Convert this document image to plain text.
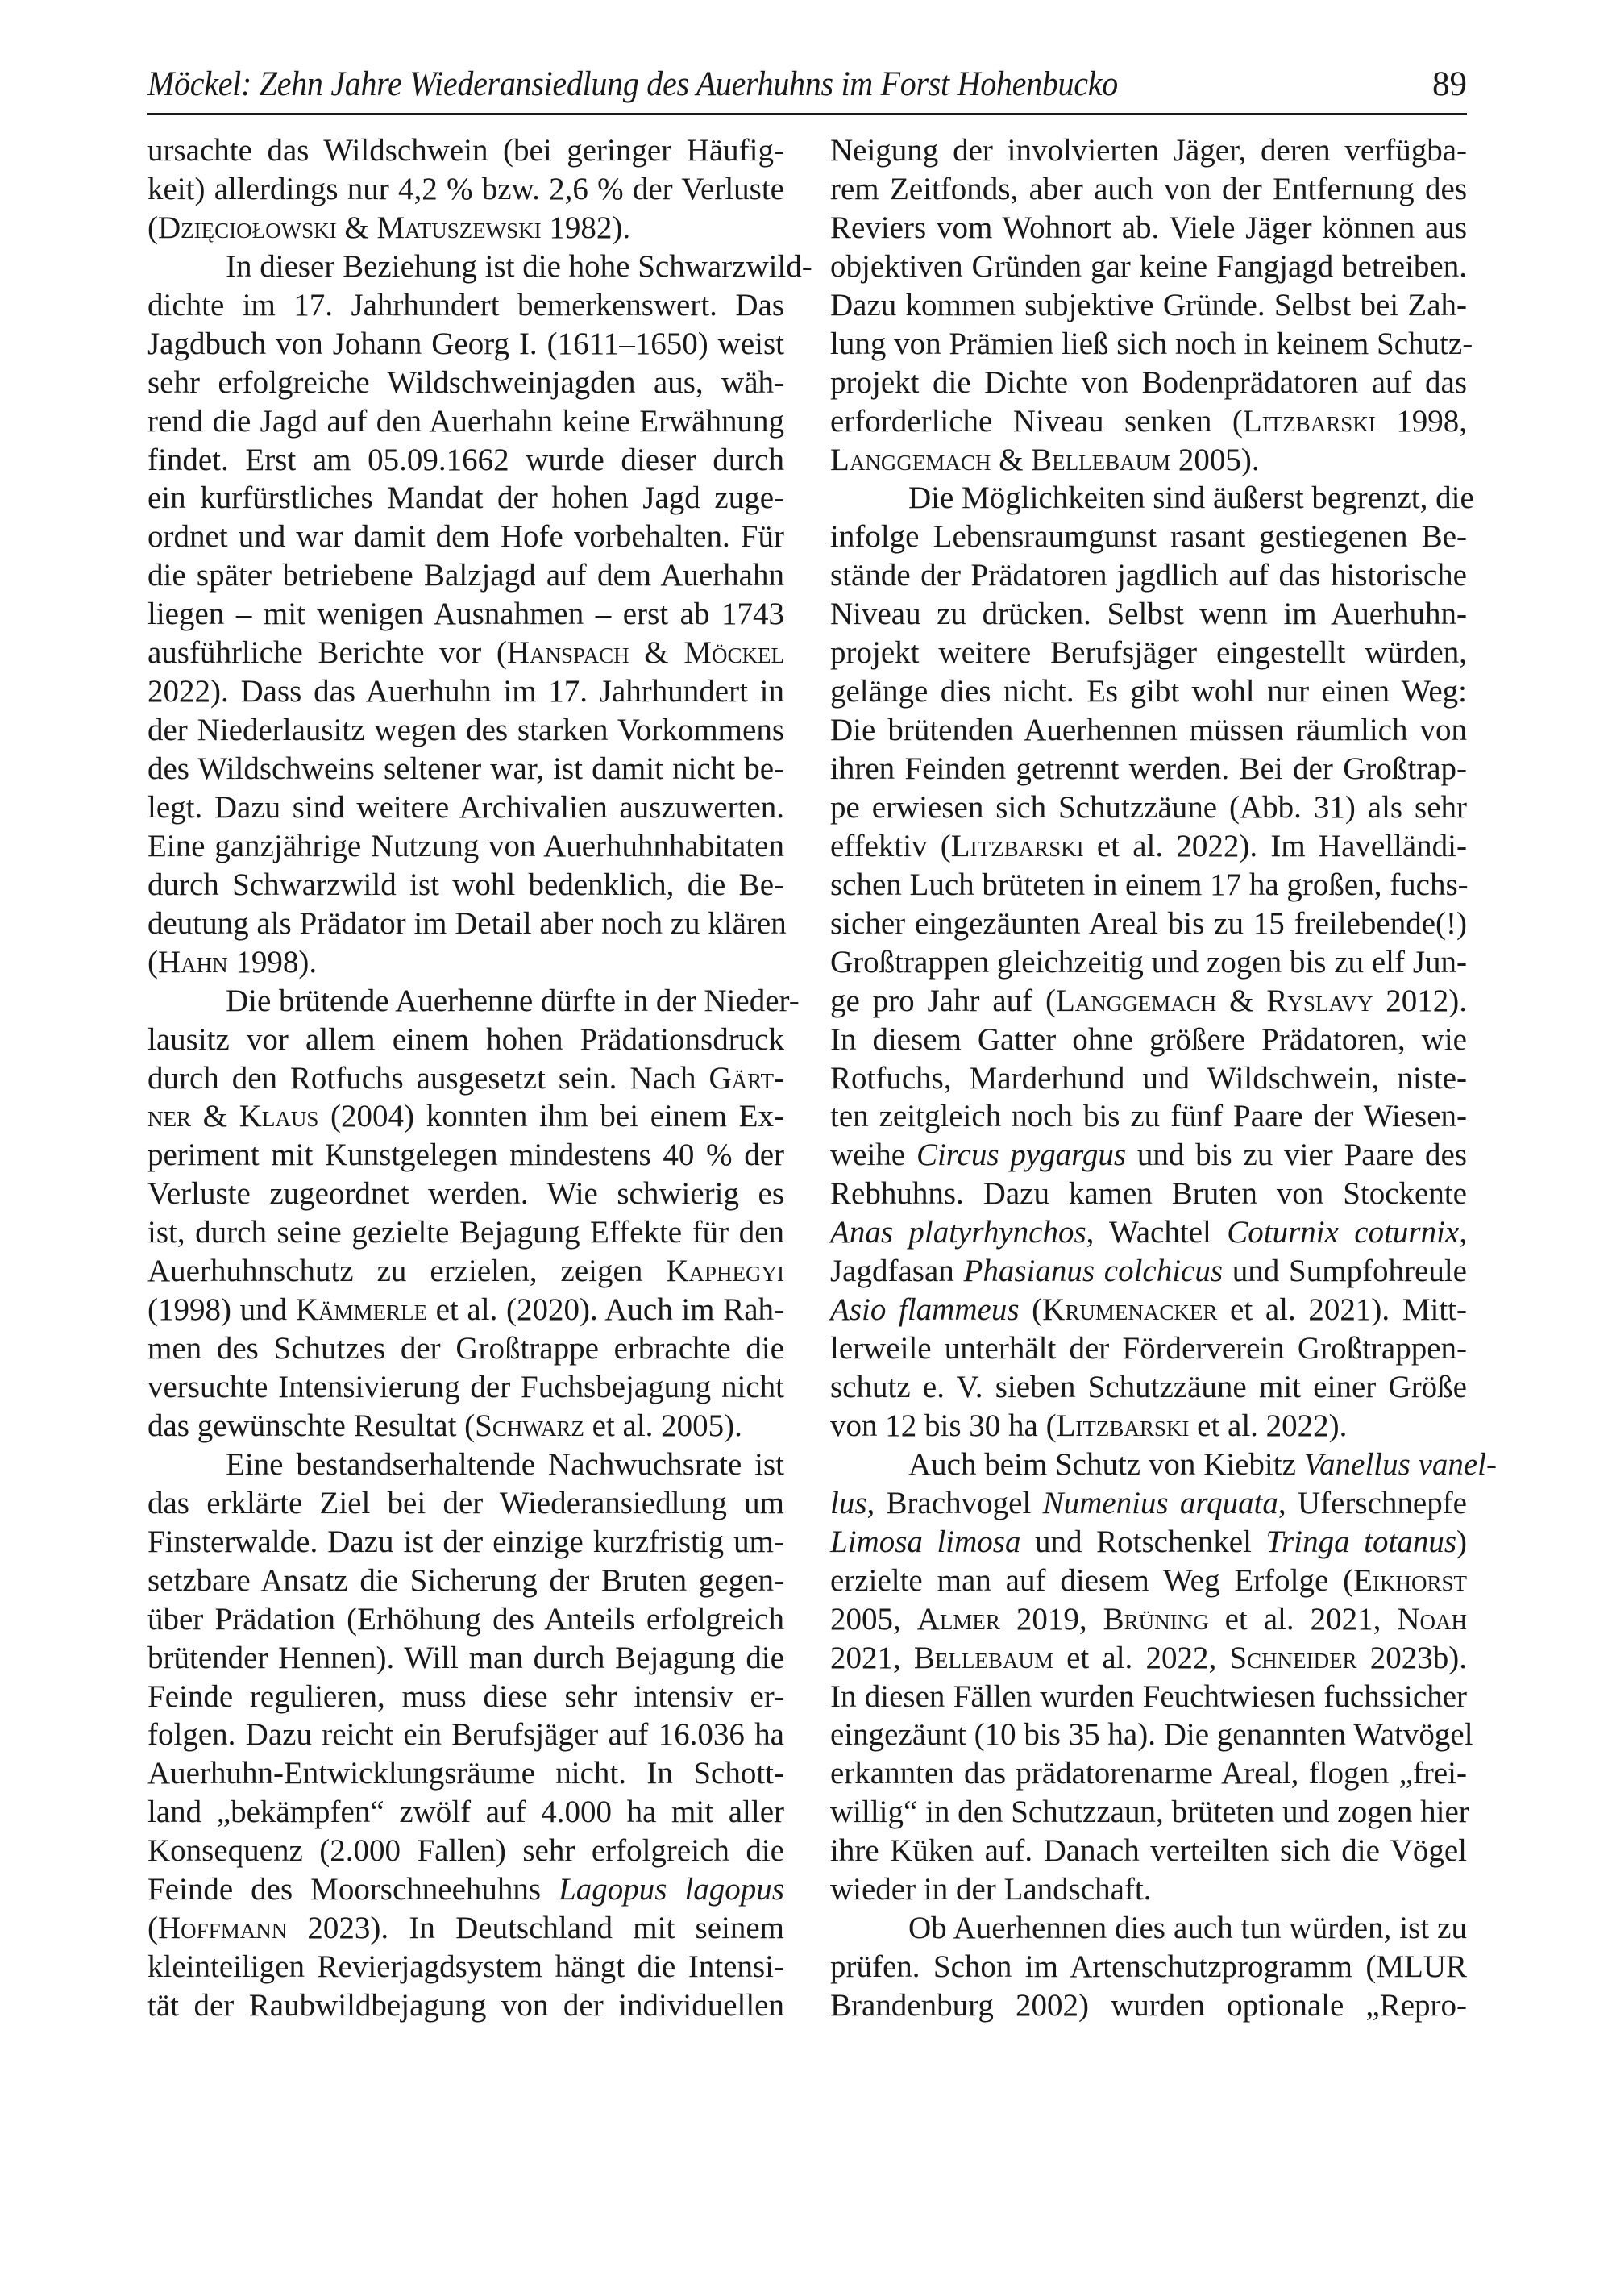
Möckel: Zehn Jahre Wiederansiedlung des Auerhuhns im Forst Hohenbucko	89
ursachte das Wildschwein (bei geringer Häufig-
keit) allerdings nur 4,2 % bzw. 2,6 % der Verluste
(Dzięciołowski & Matuszewski 1982).
In dieser Beziehung ist die hohe Schwarzwild-
dichte im 17. Jahrhundert bemerkenswert. Das
Jagdbuch von Johann Georg I. (1611–1650) weist
sehr erfolgreiche Wildschweinjagden aus, wäh-
rend die Jagd auf den Auerhahn keine Erwähnung
findet. Erst am 05.09.1662 wurde dieser durch
ein kurfürstliches Mandat der hohen Jagd zuge-
ordnet und war damit dem Hofe vorbehalten. Für
die später betriebene Balzjagd auf dem Auerhahn
liegen – mit wenigen Ausnahmen – erst ab 1743
ausführliche Berichte vor (Hanspach & Möckel
2022). Dass das Auerhuhn im 17. Jahrhundert in
der Niederlausitz wegen des starken Vorkommens
des Wildschweins seltener war, ist damit nicht be-
legt. Dazu sind weitere Archivalien auszuwerten.
Eine ganzjährige Nutzung von Auerhuhnhabitaten
durch Schwarzwild ist wohl bedenklich, die Be-
deutung als Prädator im Detail aber noch zu klären
(Hahn 1998).
Die brütende Auerhenne dürfte in der Nieder-
lausitz vor allem einem hohen Prädationsdruck
durch den Rotfuchs ausgesetzt sein. Nach Gärt-
ner & Klaus (2004) konnten ihm bei einem Ex-
periment mit Kunstgelegen mindestens 40 % der
Verluste zugeordnet werden. Wie schwierig es
ist, durch seine gezielte Bejagung Effekte für den
Auerhuhnschutz zu erzielen, zeigen Kaphegyi
(1998) und Kämmerle et al. (2020). Auch im Rah-
men des Schutzes der Großtrappe erbrachte die
versuchte Intensivierung der Fuchsbejagung nicht
das gewünschte Resultat (Schwarz et al. 2005).
Eine bestandserhaltende Nachwuchsrate ist
das erklärte Ziel bei der Wiederansiedlung um
Finsterwalde. Dazu ist der einzige kurzfristig um-
setzbare Ansatz die Sicherung der Bruten gegen-
über Prädation (Erhöhung des Anteils erfolgreich
brütender Hennen). Will man durch Bejagung die
Feinde regulieren, muss diese sehr intensiv er-
folgen. Dazu reicht ein Berufsjäger auf 16.036 ha
Auerhuhn-Entwicklungsräume nicht. In Schott-
land „bekämpfen“ zwölf auf 4.000 ha mit aller
Konsequenz (2.000 Fallen) sehr erfolgreich die
Feinde des Moorschneehuhns Lagopus lagopus
(Hoffmann 2023). In Deutschland mit seinem
kleinteiligen Revierjagdsystem hängt die Intensi-
tät der Raubwildbejagung von der individuellen
Neigung der involvierten Jäger, deren verfügba-
rem Zeitfonds, aber auch von der Entfernung des
Reviers vom Wohnort ab. Viele Jäger können aus
objektiven Gründen gar keine Fangjagd betreiben.
Dazu kommen subjektive Gründe. Selbst bei Zah-
lung von Prämien ließ sich noch in keinem Schutz-
projekt die Dichte von Bodenprädatoren auf das
erforderliche Niveau senken (Litzbarski 1998,
Langgemach & Bellebaum 2005).
Die Möglichkeiten sind äußerst begrenzt, die
infolge Lebensraumgunst rasant gestiegenen Be-
stände der Prädatoren jagdlich auf das historische
Niveau zu drücken. Selbst wenn im Auerhuhn-
projekt weitere Berufsjäger eingestellt würden,
gelänge dies nicht. Es gibt wohl nur einen Weg:
Die brütenden Auerhennen müssen räumlich von
ihren Feinden getrennt werden. Bei der Großtrap-
pe erwiesen sich Schutzzäune (Abb. 31) als sehr
effektiv (Litzbarski et al. 2022). Im Havelländi-
schen Luch brüteten in einem 17 ha großen, fuchs-
sicher eingezäunten Areal bis zu 15 freilebende(!)
Großtrappen gleichzeitig und zogen bis zu elf Jun-
ge pro Jahr auf (Langgemach & Ryslavy 2012).
In diesem Gatter ohne größere Prädatoren, wie
Rotfuchs, Marderhund und Wildschwein, niste-
ten zeitgleich noch bis zu fünf Paare der Wiesen-
weihe Circus pygargus und bis zu vier Paare des
Rebhuhns. Dazu kamen Bruten von Stockente
Anas platyrhynchos, Wachtel Coturnix coturnix,
Jagdfasan Phasianus colchicus und Sumpfohreule
Asio flammeus (Krumenacker et al. 2021). Mitt-
lerweile unterhält der Förderverein Großtrappen-
schutz e. V. sieben Schutzzäune mit einer Größe
von 12 bis 30 ha (Litzbarski et al. 2022).
Auch beim Schutz von Kiebitz Vanellus vanel-
lus, Brachvogel Numenius arquata, Uferschnepfe
Limosa limosa und Rotschenkel Tringa totanus)
erzielte man auf diesem Weg Erfolge (Eikhorst
2005, Almer 2019, Brüning et al. 2021, Noah
2021, Bellebaum et al. 2022, Schneider 2023b).
In diesen Fällen wurden Feuchtwiesen fuchssicher
eingezäunt (10 bis 35 ha). Die genannten Watvögel
erkannten das prädatorenarme Areal, flogen „frei-
willig“ in den Schutzzaun, brüteten und zogen hier
ihre Küken auf. Danach verteilten sich die Vögel
wieder in der Landschaft.
Ob Auerhennen dies auch tun würden, ist zu
prüfen. Schon im Artenschutzprogramm (MLUR
Brandenburg 2002) wurden optionale „Repro-
